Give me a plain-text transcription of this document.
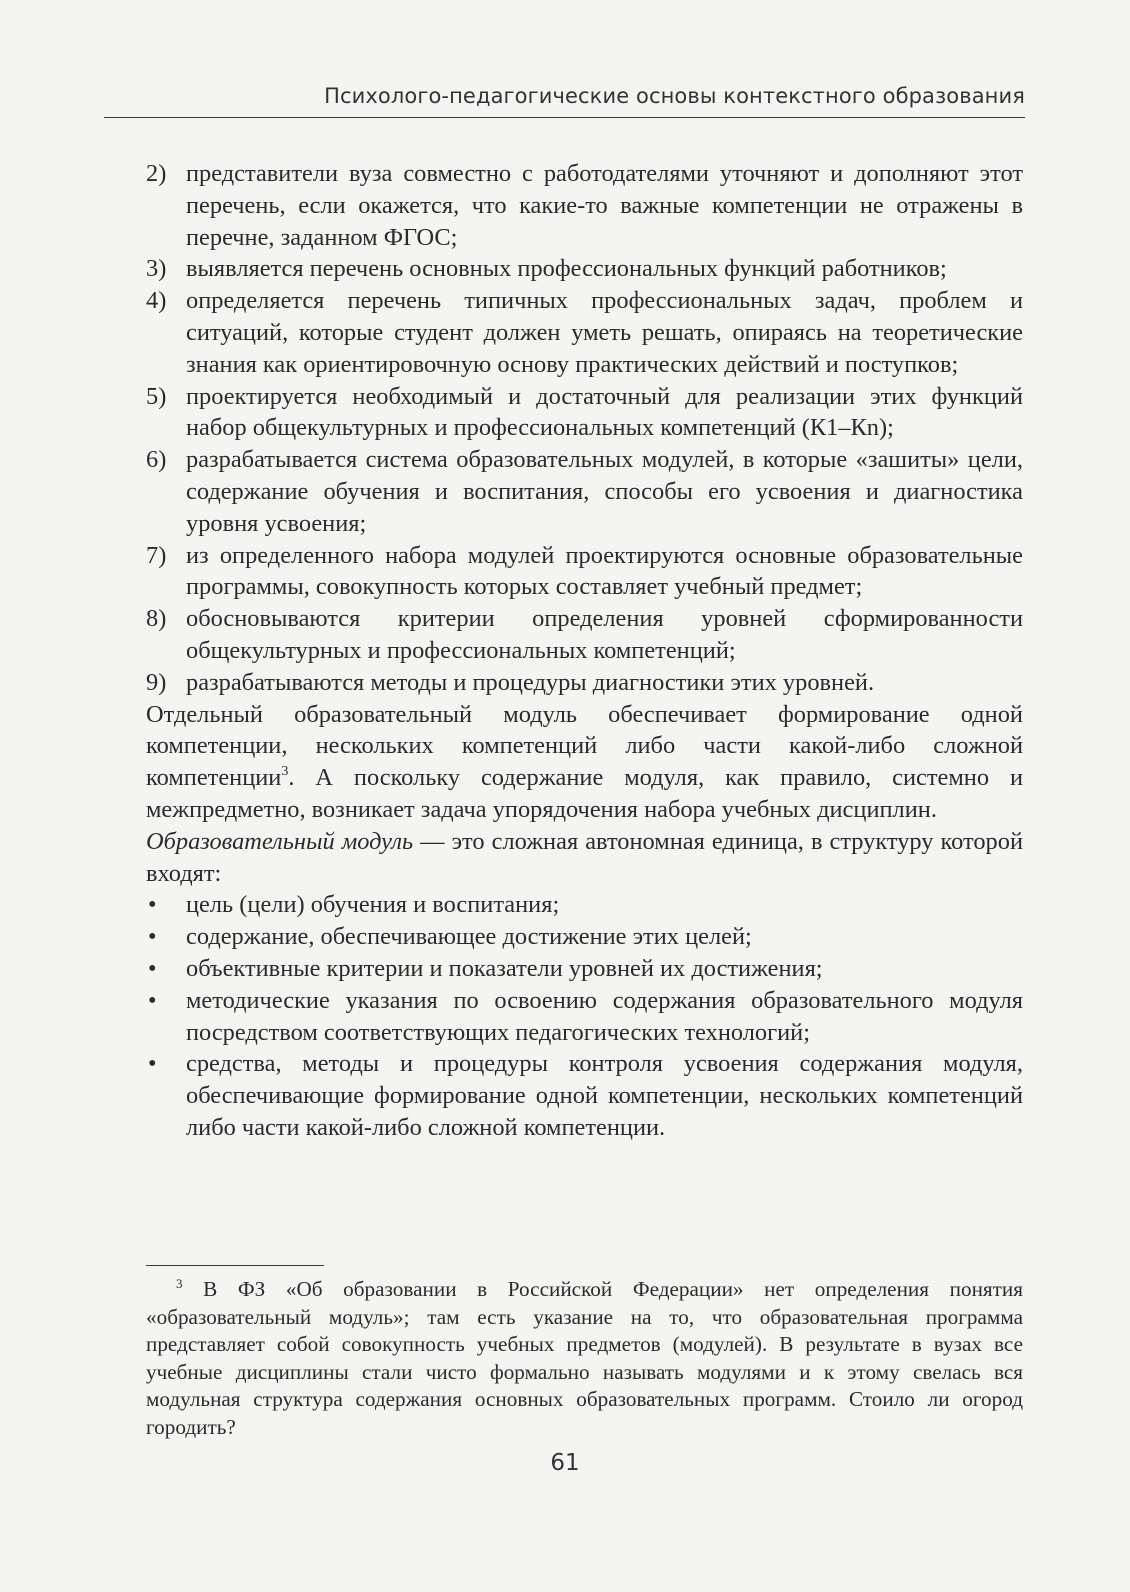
Психолого-педагогические основы контекстного образования
2) представители вуза совместно с работодателями уточняют и дополняют этот перечень, если окажется, что какие-то важные компетенции не отражены в перечне, заданном ФГОС;
3) выявляется перечень основных профессиональных функций работников;
4) определяется перечень типичных профессиональных задач, проблем и ситуаций, которые студент должен уметь решать, опираясь на теоретические знания как ориентировочную основу практических действий и поступков;
5) проектируется необходимый и достаточный для реализации этих функций набор общекультурных и профессиональных компетенций (К1–Кn);
6) разрабатывается система образовательных модулей, в которые «зашиты» цели, содержание обучения и воспитания, способы его усвоения и диагностика уровня усвоения;
7) из определенного набора модулей проектируются основные образовательные программы, совокупность которых составляет учебный предмет;
8) обосновываются критерии определения уровней сформированности общекультурных и профессиональных компетенций;
9) разрабатываются методы и процедуры диагностики этих уровней.
Отдельный образовательный модуль обеспечивает формирование одной компетенции, нескольких компетенций либо части какой-либо сложной компетенции$^3$. А поскольку содержание модуля, как правило, системно и межпредметно, возникает задача упорядочения набора учебных дисциплин.
Образовательный модуль — это сложная автономная единица, в структуру которой входят:
•	цель (цели) обучения и воспитания;
•	содержание, обеспечивающее достижение этих целей;
•	объективные критерии и показатели уровней их достижения;
•	методические указания по освоению содержания образовательного модуля посредством соответствующих педагогических технологий;
•	средства, методы и процедуры контроля усвоения содержания модуля, обеспечивающие формирование одной компетенции, нескольких компетенций либо части какой-либо сложной компетенции.
$^3$ В ФЗ «Об образовании в Российской Федерации» нет определения понятия «образовательный модуль»; там есть указание на то, что образовательная программа представляет собой совокупность учебных предметов (модулей). В результате в вузах все учебные дисциплины стали чисто формально называть модулями и к этому свелась вся модульная структура содержания основных образовательных программ. Стоило ли огород городить?
61
